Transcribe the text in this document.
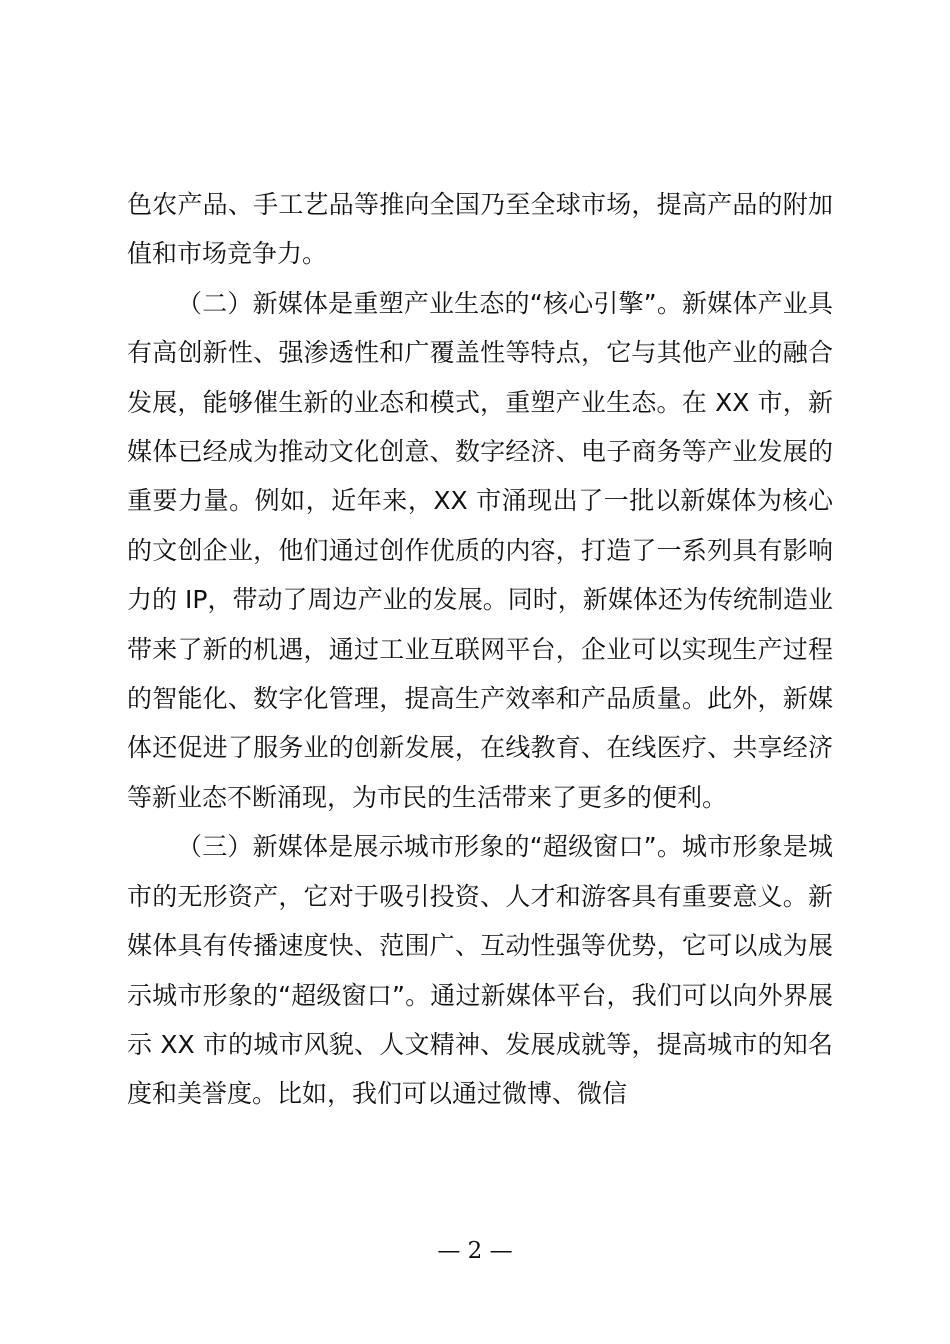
色农产品、手工艺品等推向全国乃至全球市场，提高产品的附加值和市场竞争力。

（二）新媒体是重塑产业生态的“核心引擎”。新媒体产业具有高创新性、强渗透性和广覆盖性等特点，它与其他产业的融合发展，能够催生新的业态和模式，重塑产业生态。在 XX 市，新媒体已经成为推动文化创意、数字经济、电子商务等产业发展的重要力量。例如，近年来，XX 市涌现出了一批以新媒体为核心的文创企业，他们通过创作优质的内容，打造了一系列具有影响力的 IP，带动了周边产业的发展。同时，新媒体还为传统制造业带来了新的机遇，通过工业互联网平台，企业可以实现生产过程的智能化、数字化管理，提高生产效率和产品质量。此外，新媒体还促进了服务业的创新发展，在线教育、在线医疗、共享经济等新业态不断涌现，为市民的生活带来了更多的便利。

（三）新媒体是展示城市形象的“超级窗口”。城市形象是城市的无形资产，它对于吸引投资、人才和游客具有重要意义。新媒体具有传播速度快、范围广、互动性强等优势，它可以成为展示城市形象的“超级窗口”。通过新媒体平台，我们可以向外界展示 XX 市的城市风貌、人文精神、发展成就等，提高城市的知名度和美誉度。比如，我们可以通过微博、微信

— 2 —
